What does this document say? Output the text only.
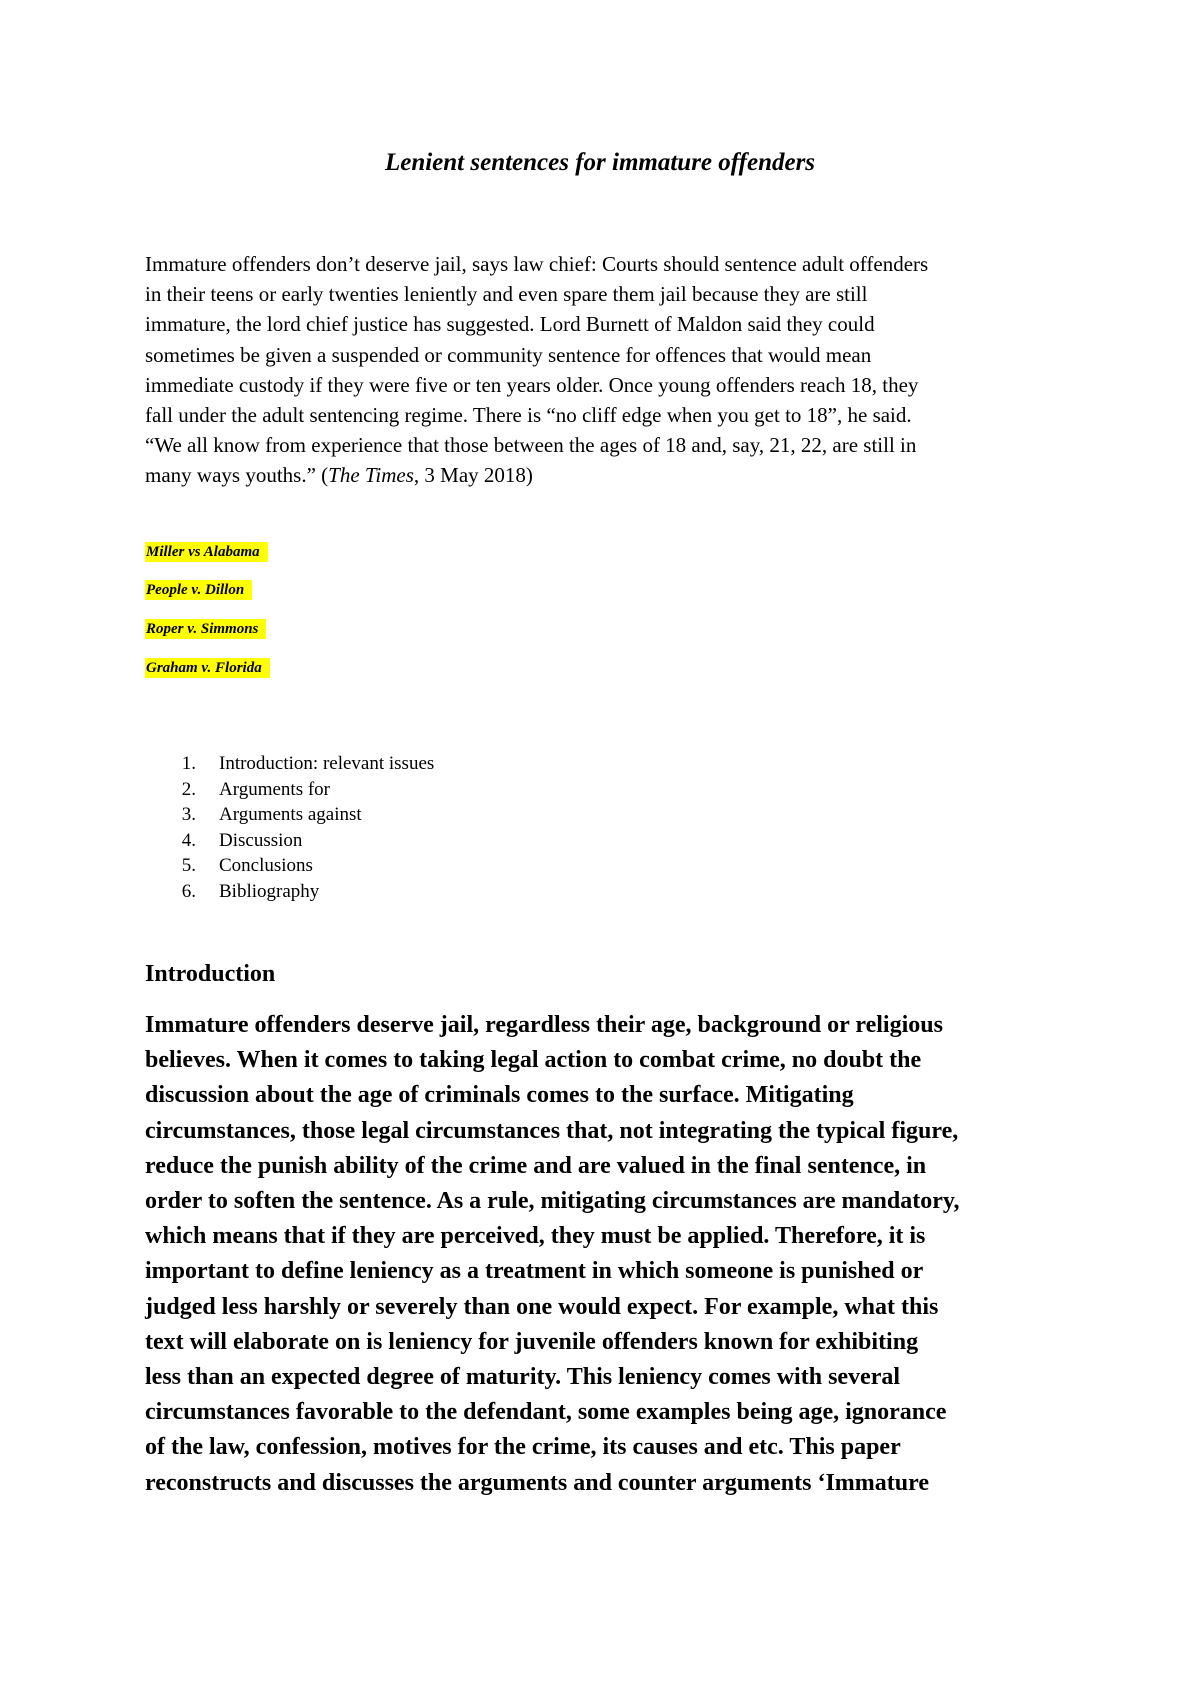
Lenient sentences for immature offenders
Immature offenders don’t deserve jail, says law chief: Courts should sentence adult offenders
in their teens or early twenties leniently and even spare them jail because they are still
immature, the lord chief justice has suggested. Lord Burnett of Maldon said they could
sometimes be given a suspended or community sentence for offences that would mean
immediate custody if they were five or ten years older. Once young offenders reach 18, they
fall under the adult sentencing regime. There is “no cliff edge when you get to 18”, he said.
“We all know from experience that those between the ages of 18 and, say, 21, 22, are still in
many ways youths.” (The Times, 3 May 2018)
Miller vs Alabama
People v. Dillon
Roper v. Simmons
Graham v. Florida
1. Introduction: relevant issues
2. Arguments for
3. Arguments against
4. Discussion
5. Conclusions
6. Bibliography
Introduction
Immature offenders deserve jail, regardless their age, background or religious
believes. When it comes to taking legal action to combat crime, no doubt the
discussion about the age of criminals comes to the surface. Mitigating
circumstances, those legal circumstances that, not integrating the typical figure,
reduce the punish ability of the crime and are valued in the final sentence, in
order to soften the sentence. As a rule, mitigating circumstances are mandatory,
which means that if they are perceived, they must be applied. Therefore, it is
important to define leniency as a treatment in which someone is punished or
judged less harshly or severely than one would expect. For example, what this
text will elaborate on is leniency for juvenile offenders known for exhibiting
less than an expected degree of maturity. This leniency comes with several
circumstances favorable to the defendant, some examples being age, ignorance
of the law, confession, motives for the crime, its causes and etc. This paper
reconstructs and discusses the arguments and counter arguments ‘Immature
